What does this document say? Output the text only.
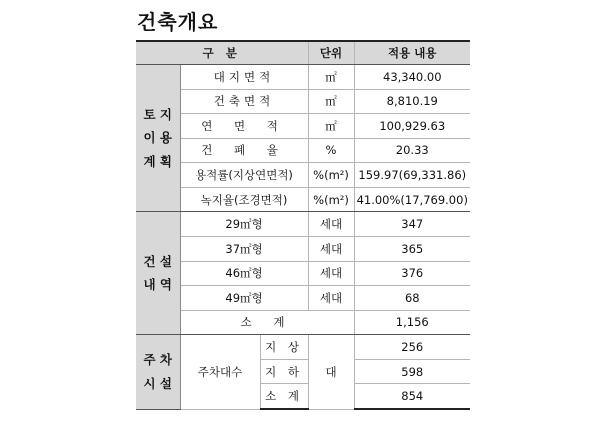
건축개요
구 분			단위	적용 내용

토 지
이 용
계 획	대지면적		㎡	43,340.00
	건축면적		㎡	8,810.19
	연 면 적		㎡	100,929.63
	건 폐 율		%	20.33
	용적률(지상연면적)		%(m²)	159.97(69,331.86)
	녹지율(조경면적)		%(m²)	41.00%(17,769.00)

건 설
내 역	29㎡형		세대	347
	37㎡형		세대	365
	46㎡형		세대	376
	49㎡형		세대	68
	소 계			1,156

주 차
시 설	주차대수	지 상	대	256
		지 하		598
		소 계		854
